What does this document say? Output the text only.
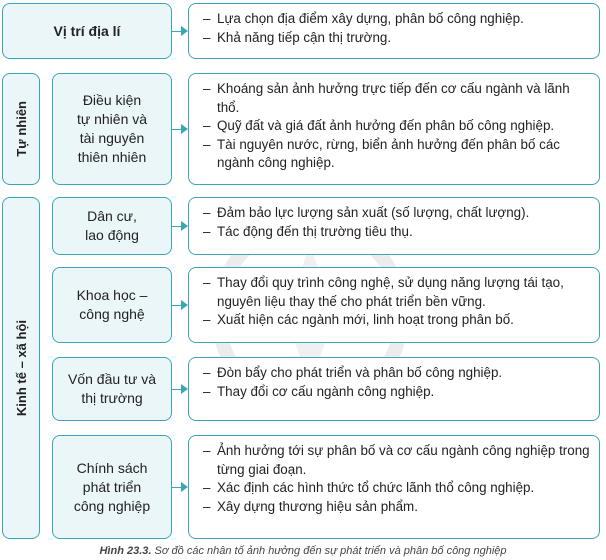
Vị trí địa lí
– Lựa chọn địa điểm xây dựng, phân bố công nghiệp.
– Khả năng tiếp cận thị trường.
Tự nhiên
Điều kiện
tự nhiên và
tài nguyên
thiên nhiên
– Khoáng sản ảnh hưởng trực tiếp đến cơ cấu ngành và lãnh thổ.
– Quỹ đất và giá đất ảnh hưởng đến phân bố công nghiệp.
– Tài nguyên nước, rừng, biển ảnh hưởng đến phân bố các ngành công nghiệp.
Kinh tế – xã hội
Dân cư,
lao động
– Đảm bảo lực lượng sản xuất (số lượng, chất lượng).
– Tác động đến thị trường tiêu thụ.
Khoa học –
công nghệ
– Thay đổi quy trình công nghệ, sử dụng năng lượng tái tạo, nguyên liệu thay thế cho phát triển bền vững.
– Xuất hiện các ngành mới, linh hoạt trong phân bố.
Vốn đầu tư và
thị trường
– Đòn bẩy cho phát triển và phân bố công nghiệp.
– Thay đổi cơ cấu ngành công nghiệp.
Chính sách
phát triển
công nghiệp
– Ảnh hưởng tới sự phân bố và cơ cấu ngành công nghiệp trong từng giai đoạn.
– Xác định các hình thức tổ chức lãnh thổ công nghiệp.
– Xây dựng thương hiệu sản phẩm.
Hình 23.3. Sơ đồ các nhân tố ảnh hưởng đến sự phát triển và phân bố công nghiệp
